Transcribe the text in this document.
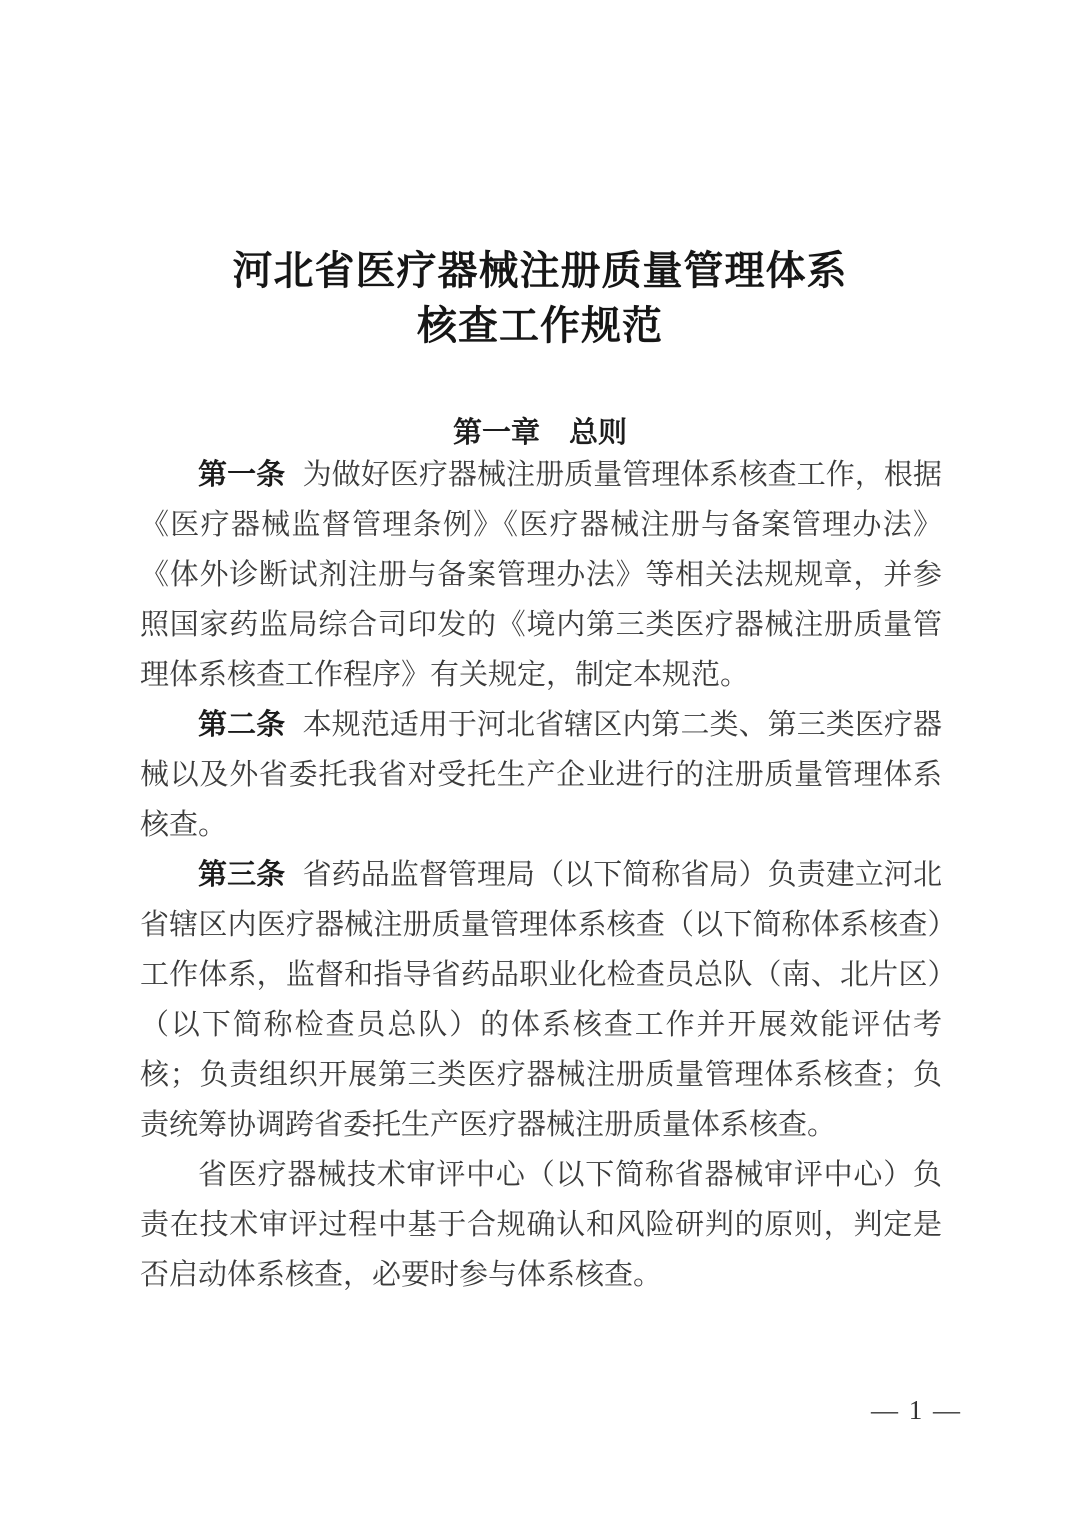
河北省医疗器械注册质量管理体系
核查工作规范
第一章　总则

第一条 为做好医疗器械注册质量管理体系核查工作，根据《医疗器械监督管理条例》《医疗器械注册与备案管理办法》《体外诊断试剂注册与备案管理办法》等相关法规规章，并参照国家药监局综合司印发的《境内第三类医疗器械注册质量管理体系核查工作程序》有关规定，制定本规范。

第二条 本规范适用于河北省辖区内第二类、第三类医疗器械以及外省委托我省对受托生产企业进行的注册质量管理体系核查。

第三条 省药品监督管理局（以下简称省局）负责建立河北省辖区内医疗器械注册质量管理体系核查（以下简称体系核查）工作体系，监督和指导省药品职业化检查员总队（南、北片区）（以下简称检查员总队）的体系核查工作并开展效能评估考核；负责组织开展第三类医疗器械注册质量管理体系核查；负责统筹协调跨省委托生产医疗器械注册质量体系核查。

省医疗器械技术审评中心（以下简称省器械审评中心）负责在技术审评过程中基于合规确认和风险研判的原则，判定是否启动体系核查，必要时参与体系核查。

— 1 —
